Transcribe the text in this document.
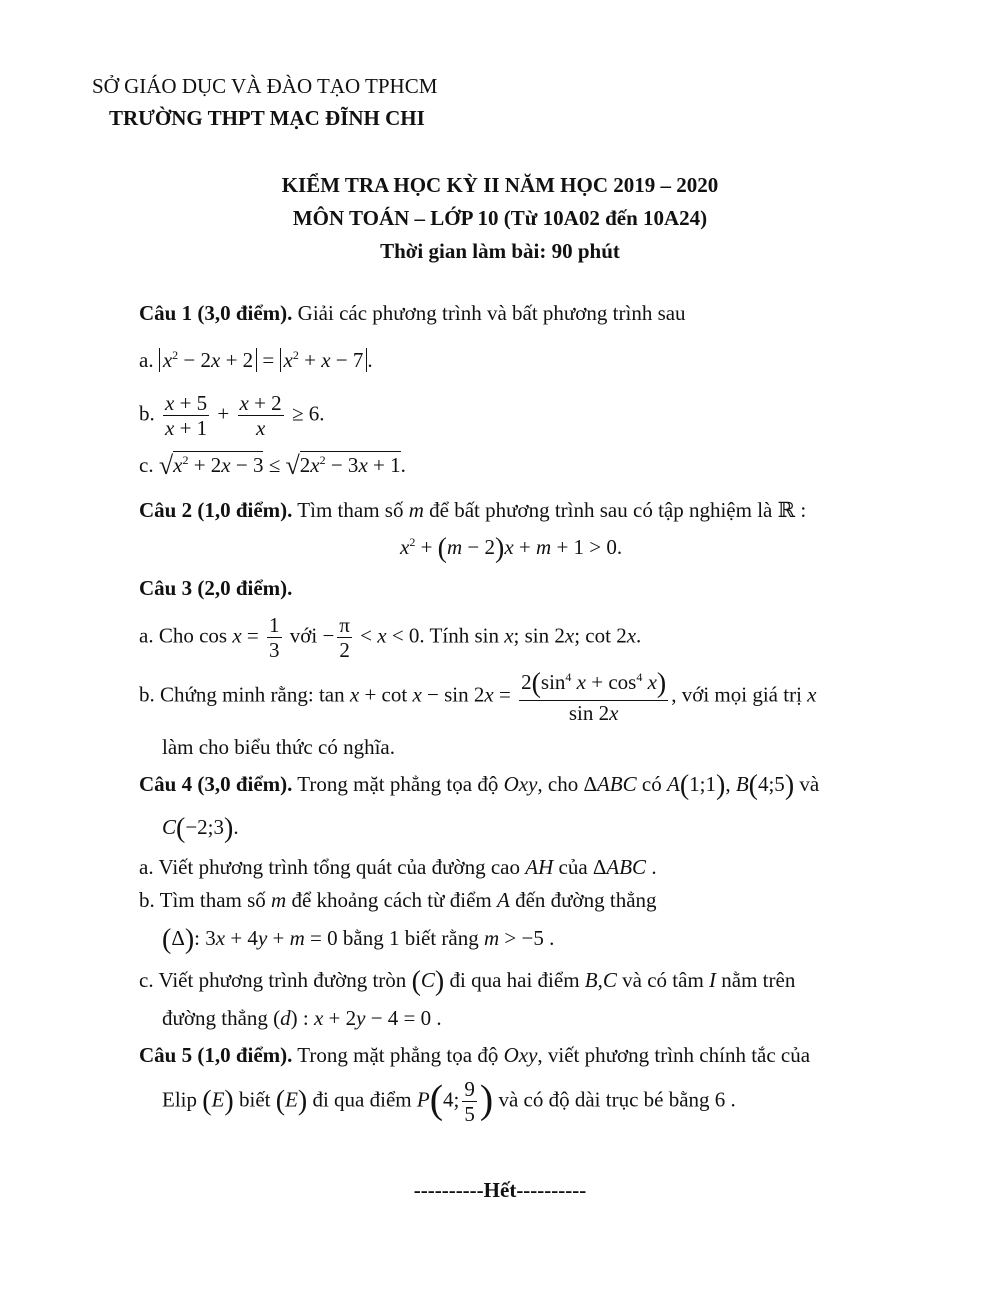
SỞ GIÁO DỤC VÀ ĐÀO TẠO TPHCM
TRƯỜNG THPT MẠC ĐĨNH CHI
KIỂM TRA HỌC KỲ II NĂM HỌC 2019 – 2020
MÔN TOÁN – LỚP 10 (Từ 10A02 đến 10A24)
Thời gian làm bài: 90 phút
Câu 1 (3,0 điểm). Giải các phương trình và bất phương trình sau
a. $x^2 - 2x + 2 = x^2 + x - 7$ .
b. $\frac{x + 5}{x + 1} + \frac{x + 2}{x} \ge 6$.
c. $√x^2 + 2x - 3 \le √2x^2 - 3x + 1$.
Câu 2 (1,0 điểm). Tìm tham số m để bất phương trình sau có tập nghiệm là ℝ :
$x^2 + (m - 2)x + m + 1 > 0$.
Câu 3 (2,0 điểm).
a. Cho $\cos x = \frac{1}{3}$ với − $\frac{\pi}{2} < x < 0$. Tính sin x; sin 2x; cot 2x.
b. Chứng minh rằng: $\tan x + \cot x - \sin 2x = \frac{2(\sin^4 x + \cos^4 x)}{\sin 2x}$ , với mọi giá trị x
làm cho biểu thức có nghĩa.
Câu 4 (3,0 điểm). Trong mặt phẳng tọa độ Oxy, cho ΔABC có A(1;1), B(4;5) và
C(−2;3).
a. Viết phương trình tổng quát của đường cao AH của ΔABC .
b. Tìm tham số m để khoảng cách từ điểm A đến đường thẳng
(Δ): 3x + 4y + m = 0 bằng 1 biết rằng m > −5 .
c. Viết phương trình đường tròn (C) đi qua hai điểm B,C và có tâm I nằm trên
đường thẳng (d) : x + 2y − 4 = 0 .
Câu 5 (1,0 điểm). Trong mặt phẳng tọa độ Oxy, viết phương trình chính tắc của
Elip (E) biết (E) đi qua điểm P(4; $\frac{9}{5}$ ) và có độ dài trục bé bằng 6 .
----------Hết----------
